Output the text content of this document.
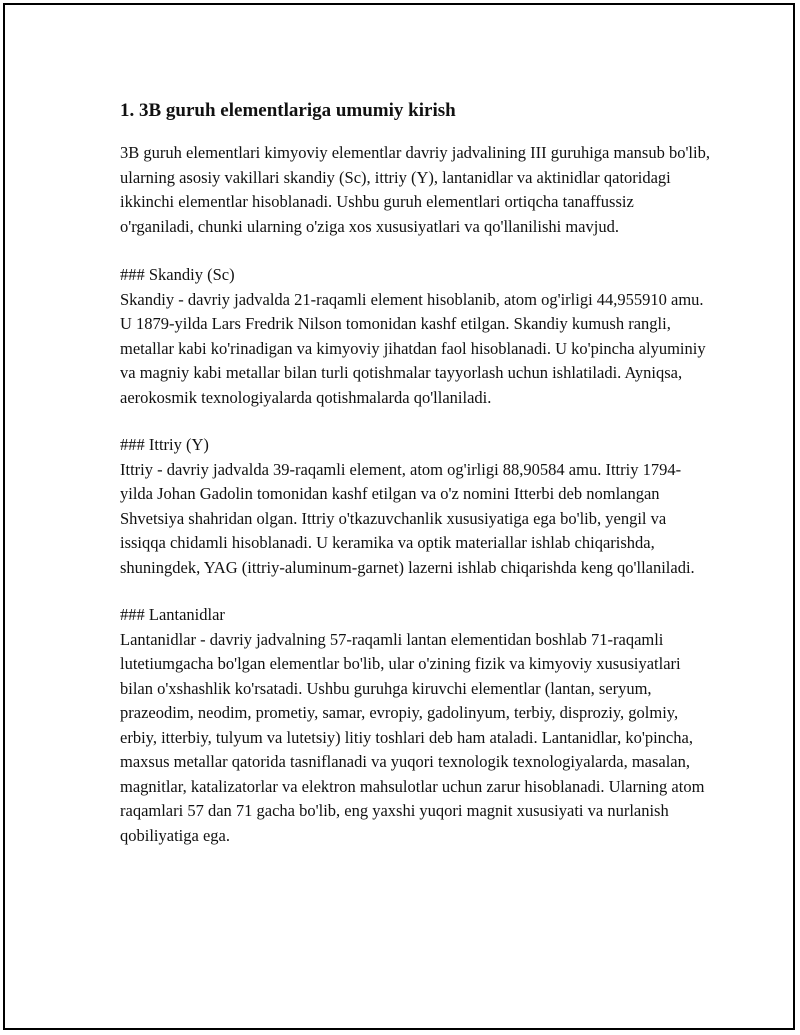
1. 3B guruh elementlariga umumiy kirish

3B guruh elementlari kimyoviy elementlar davriy jadvalining III guruhiga mansub bo'lib, ularning asosiy vakillari skandiy (Sc), ittriy (Y), lantanidlar va aktinidlar qatoridagi ikkinchi elementlar hisoblanadi. Ushbu guruh elementlari ortiqcha tanaffussiz o'rganiladi, chunki ularning o'ziga xos xususiyatlari va qo'llanilishi mavjud.

### Skandiy (Sc)
Skandiy - davriy jadvalda 21-raqamli element hisoblanib, atom og'irligi 44,955910 amu. U 1879-yilda Lars Fredrik Nilson tomonidan kashf etilgan. Skandiy kumush rangli, metallar kabi ko'rinadigan va kimyoviy jihatdan faol hisoblanadi. U ko'pincha alyuminiy va magniy kabi metallar bilan turli qotishmalar tayyorlash uchun ishlatiladi. Ayniqsa, aerokosmik texnologiyalarda qotishmalarda qo'llaniladi.
### Ittriy (Y)
Ittriy - davriy jadvalda 39-raqamli element, atom og'irligi 88,90584 amu. Ittriy 1794-yilda Johan Gadolin tomonidan kashf etilgan va o'z nomini Itterbi deb nomlangan Shvetsiya shahridan olgan. Ittriy o'tkazuvchanlik xususiyatiga ega bo'lib, yengil va issiqqa chidamli hisoblanadi. U keramika va optik materiallar ishlab chiqarishda, shuningdek, YAG (ittriy-aluminum-garnet) lazerni ishlab chiqarishda keng qo'llaniladi.
### Lantanidlar
Lantanidlar - davriy jadvalning 57-raqamli lantan elementidan boshlab 71-raqamli lutetiumgacha bo'lgan elementlar bo'lib, ular o'zining fizik va kimyoviy xususiyatlari bilan o'xshashlik ko'rsatadi. Ushbu guruhga kiruvchi elementlar (lantan, seryum, prazeodim, neodim, prometiy, samar, evropiy, gadolinyum, terbiy, disproziy, golmiy, erbiy, itterbiy, tulyum va lutetsiy) litiy toshlari deb ham ataladi. Lantanidlar, ko'pincha, maxsus metallar qatorida tasniflanadi va yuqori texnologik texnologiyalarda, masalan, magnitlar, katalizatorlar va elektron mahsulotlar uchun zarur hisoblanadi. Ularning atom raqamlari 57 dan 71 gacha bo'lib, eng yaxshi yuqori magnit xususiyati va nurlanish qobiliyatiga ega.
